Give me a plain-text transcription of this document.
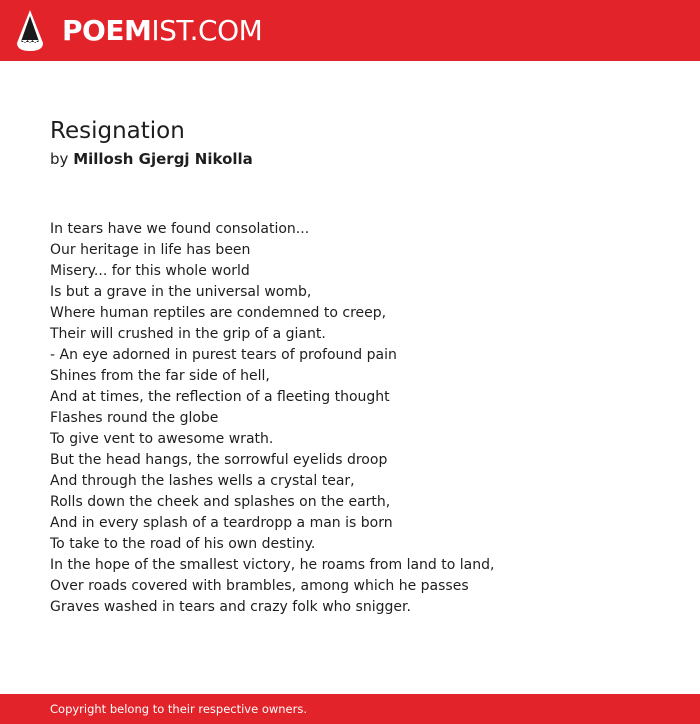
POEMIST.COM
Resignation
by Millosh Gjergj Nikolla
In tears have we found consolation...
Our heritage in life has been
Misery... for this whole world
Is but a grave in the universal womb,
Where human reptiles are condemned to creep,
Their will crushed in the grip of a giant.
- An eye adorned in purest tears of profound pain
Shines from the far side of hell,
And at times, the reflection of a fleeting thought
Flashes round the globe
To give vent to awesome wrath.
But the head hangs, the sorrowful eyelids droop
And through the lashes wells a crystal tear,
Rolls down the cheek and splashes on the earth,
And in every splash of a teardropp a man is born
To take to the road of his own destiny.
In the hope of the smallest victory, he roams from land to land,
Over roads covered with brambles, among which he passes
Graves washed in tears and crazy folk who snigger.
Copyright belong to their respective owners.
